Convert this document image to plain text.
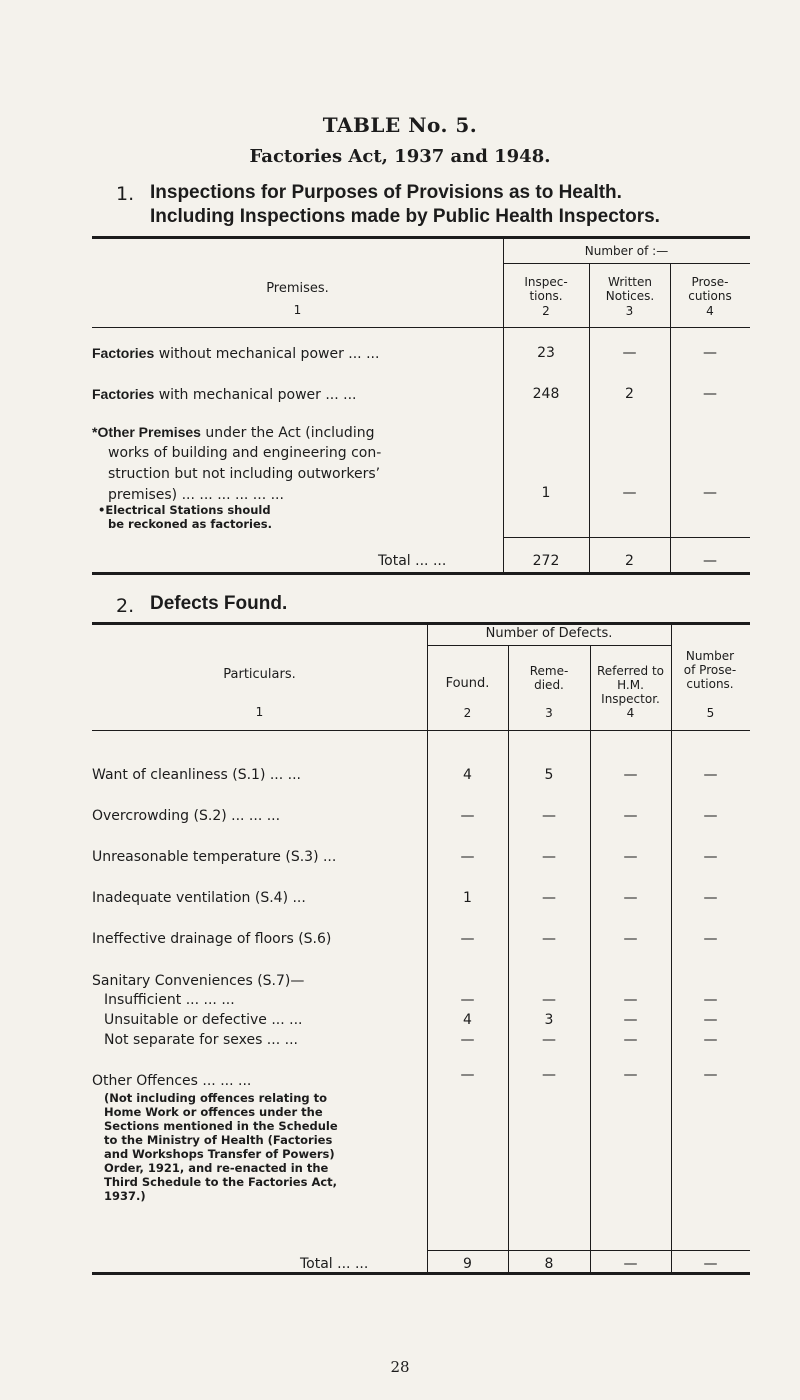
TABLE No. 5.
Factories Act, 1937 and 1948.
1. Inspections for Purposes of Provisions as to Health.
Including Inspections made by Public Health Inspectors.
Number of :—
Premises.
1
Inspec- tions.
2
Written Notices.
3
Prose- cutions
4
Factories without mechanical power ... ...	23	—	—
Factories with mechanical power ... ...	248	2	—
*Other Premises under the Act (including
works of building and engineering con-
struction but not including outworkers’
premises) ... ... ... ... ... ...
•Electrical Stations should
be reckoned as factories.
1	—	—
Total ... ...	272	2	—
2. Defects Found.
Number of Defects.
Particulars.
1
Found.
2
Reme- died.
3
Referred to H.M. Inspector.
4
Number of Prose- cutions.
5
Want of cleanliness (S.1) ... ...	4	5	—	—
Overcrowding (S.2) ... ... ...	—	—	—	—
Unreasonable temperature (S.3) ...	—	—	—	—
Inadequate ventilation (S.4) ...	1	—	—	—
Ineffective drainage of floors (S.6)	—	—	—	—
Sanitary Conveniences (S.7)—
Insufficient ... ... ...	—	—	—	—
Unsuitable or defective ... ...	4	3	—	—
Not separate for sexes ... ...	—	—	—	—
Other Offences ... ... ...	—	—	—	—
(Not including offences relating to
Home Work or offences under the
Sections mentioned in the Schedule
to the Ministry of Health (Factories
and Workshops Transfer of Powers)
Order, 1921, and re-enacted in the
Third Schedule to the Factories Act,
1937.)
Total ... ...	9	8	—	—
28
